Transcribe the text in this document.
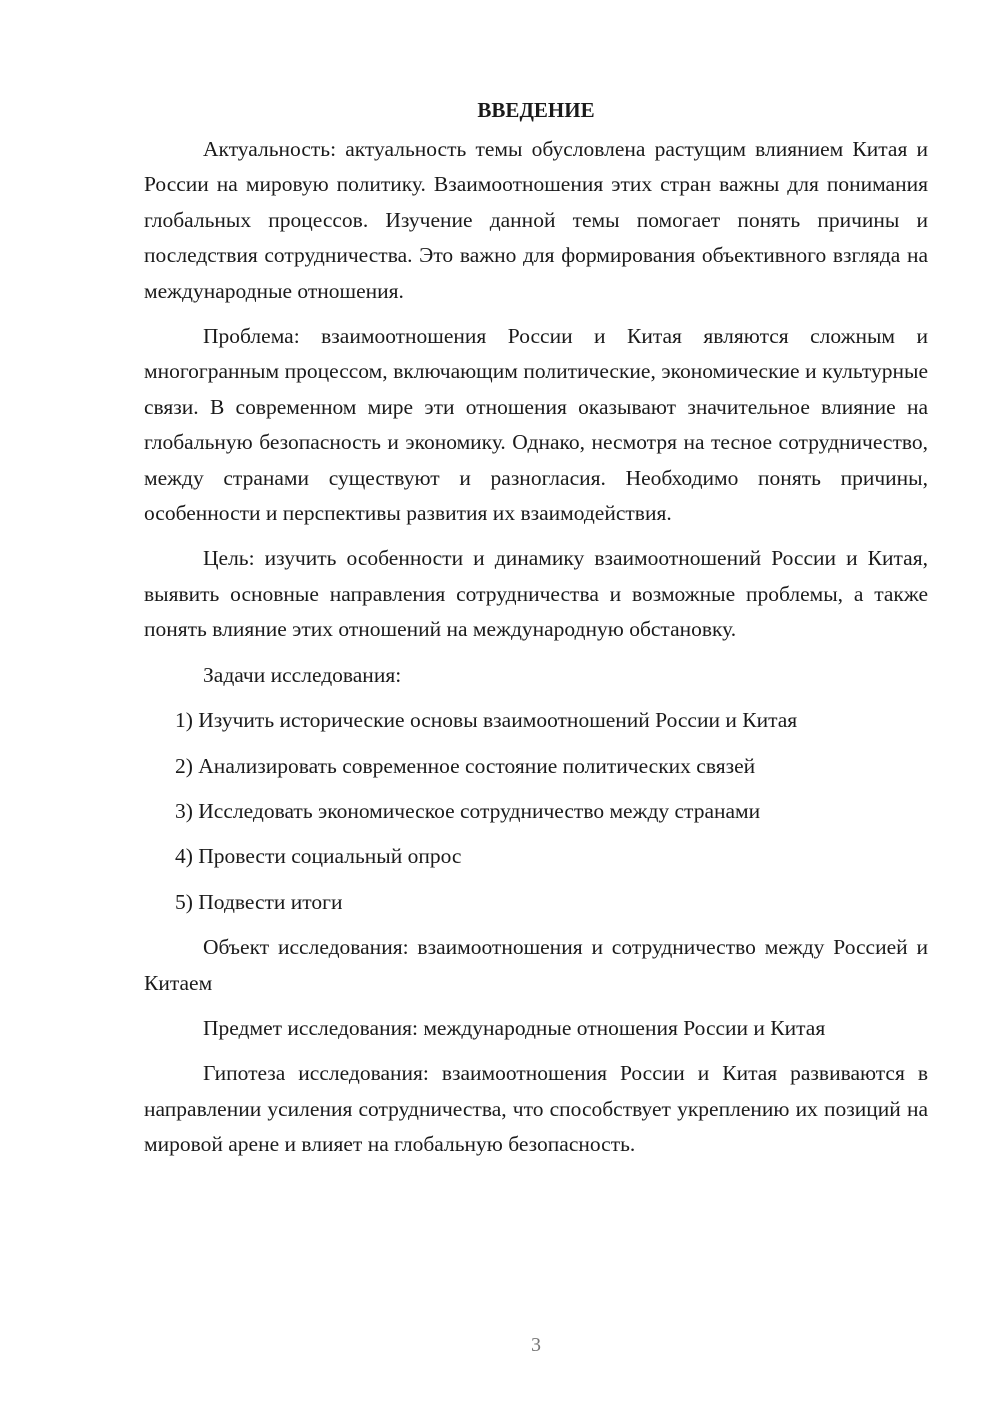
ВВЕДЕНИЕ

Актуальность: актуальность темы обусловлена растущим влиянием Китая и России на мировую политику. Взаимоотношения этих стран важны для понимания глобальных процессов. Изучение данной темы помогает понять причины и последствия сотрудничества. Это важно для формирования объективного взгляда на международные отношения.

Проблема: взаимоотношения России и Китая являются сложным и многогранным процессом, включающим политические, экономические и культурные связи. В современном мире эти отношения оказывают значительное влияние на глобальную безопасность и экономику. Однако, несмотря на тесное сотрудничество, между странами существуют и разногласия. Необходимо понять причины, особенности и перспективы развития их взаимодействия.

Цель: изучить особенности и динамику взаимоотношений России и Китая, выявить основные направления сотрудничества и возможные проблемы, а также понять влияние этих отношений на международную обстановку.

Задачи исследования:

1) Изучить исторические основы взаимоотношений России и Китая

2) Анализировать современное состояние политических связей

3) Исследовать экономическое сотрудничество между странами

4) Провести социальный опрос

5) Подвести итоги

Объект исследования: взаимоотношения и сотрудничество между Россией и Китаем

Предмет исследования: международные отношения России и Китая

Гипотеза исследования: взаимоотношения России и Китая развиваются в направлении усиления сотрудничества, что способствует укреплению их позиций на мировой арене и влияет на глобальную безопасность.

3
